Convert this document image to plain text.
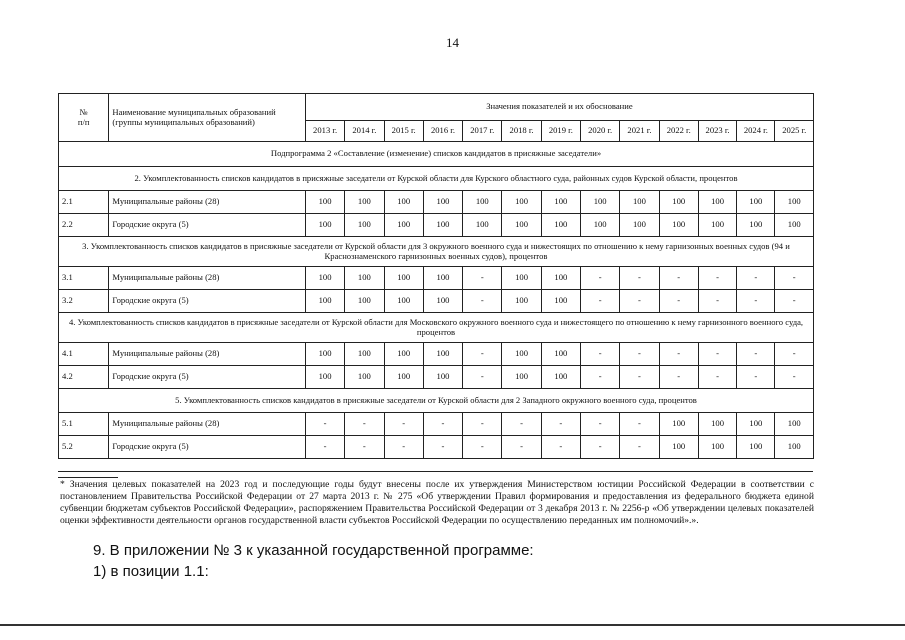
14
№
п/п	Наименование муниципальных образований (группы муниципальных образований)	Значения показателей и их обоснование												
		2013 г.	2014 г.	2015 г.	2016 г.	2017 г.	2018 г.	2019 г.	2020 г.	2021 г.	2022 г.	2023 г.	2024 г.	2025 г.
Подпрограмма 2 «Составление (изменение) списков кандидатов в присяжные заседатели»														
2. Укомплектованность списков кандидатов в присяжные заседатели от Курской области для Курского областного суда, районных судов Курской области, процентов														
2.1	Муниципальные районы (28)	100	100	100	100	100	100	100	100	100	100	100	100	100
2.2	Городские округа (5)	100	100	100	100	100	100	100	100	100	100	100	100	100
3. Укомплектованность списков кандидатов в присяжные заседатели от Курской области для 3 окружного военного суда и нижестоящих по отношению к нему гарнизонных военных судов (94 и Краснознаменского гарнизонных военных судов), процентов														
3.1	Муниципальные районы (28)	100	100	100	100	-	100	100	-	-	-	-	-	-
3.2	Городские округа (5)	100	100	100	100	-	100	100	-	-	-	-	-	-
4. Укомплектованность списков кандидатов в присяжные заседатели от Курской области для Московского окружного военного суда и нижестоящего по отношению к нему гарнизонного военного суда, процентов														
4.1	Муниципальные районы (28)	100	100	100	100	-	100	100	-	-	-	-	-	-
4.2	Городские округа (5)	100	100	100	100	-	100	100	-	-	-	-	-	-
5. Укомплектованность списков кандидатов в присяжные заседатели от Курской области для 2 Западного окружного военного суда, процентов														
5.1	Муниципальные районы (28)	-	-	-	-	-	-	-	-	-	100	100	100	100
5.2	Городские округа (5)	-	-	-	-	-	-	-	-	-	100	100	100	100
* Значения целевых показателей на 2023 год и последующие годы будут внесены после их утверждения Министерством юстиции Российской Федерации в соответствии с постановлением Правительства Российской Федерации от 27 марта 2013 г. № 275 «Об утверждении Правил формирования и предоставления из федерального бюджета единой субвенции бюджетам субъектов Российской Федерации», распоряжением Правительства Российской Федерации от 3 декабря 2013 г. № 2256-р «Об утверждении целевых показателей оценки эффективности деятельности органов государственной власти субъектов Российской Федерации по осуществлению переданных им полномочий».».
9. В приложении № 3 к указанной государственной программе:
1) в позиции 1.1:
